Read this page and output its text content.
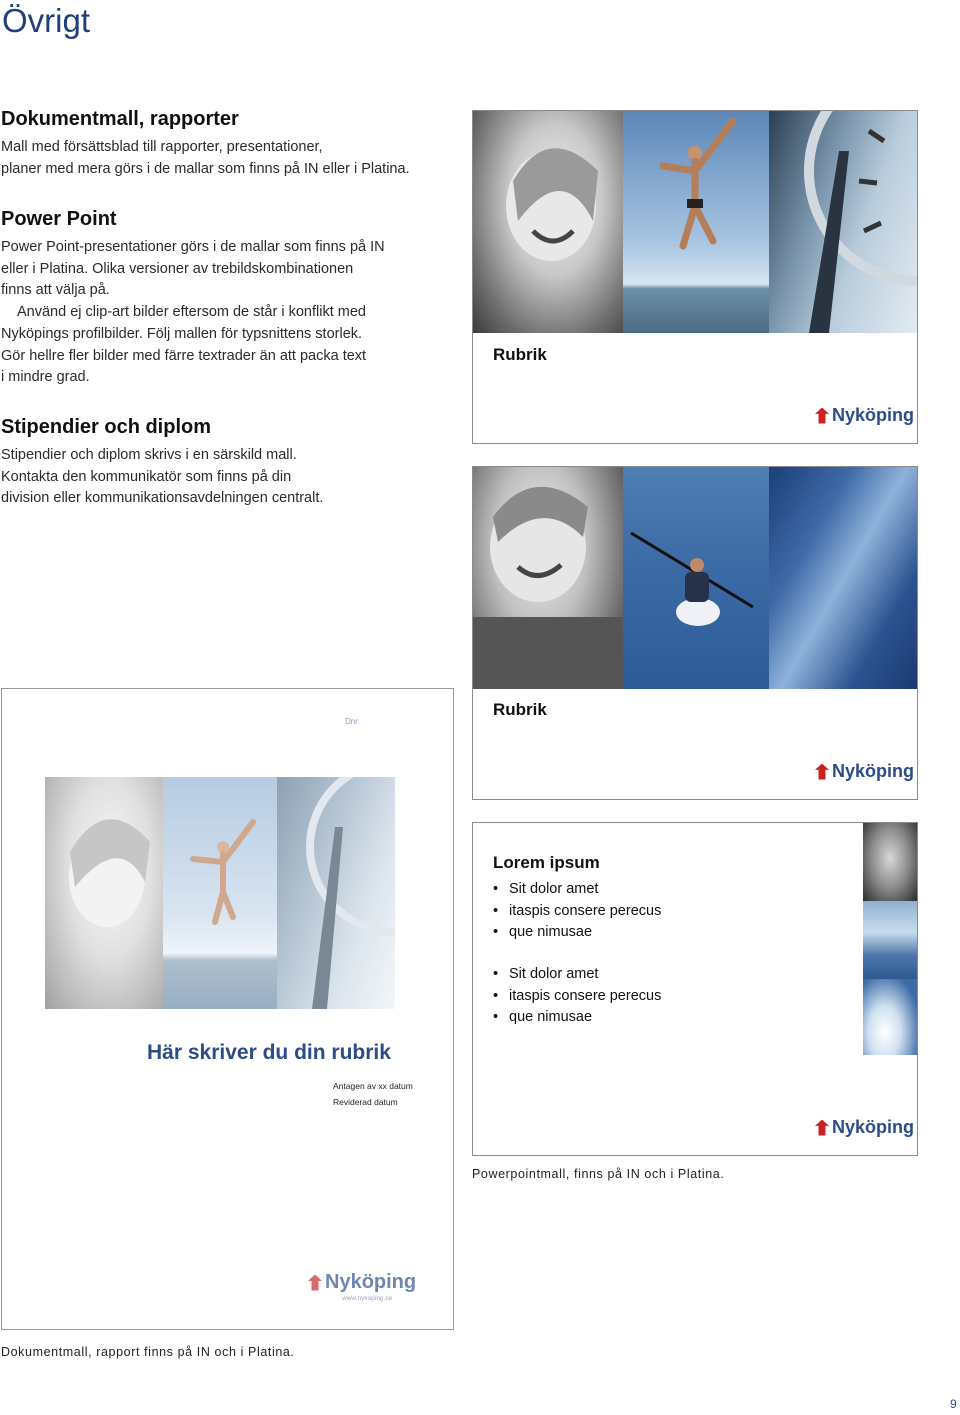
Övrigt
Dokumentmall, rapporter

Mall med försättsblad till rapporter, presentationer,

planer med mera görs i de mallar som finns på IN eller i Platina.

Power Point

Power Point-presentationer görs i de mallar som finns på IN

eller i Platina. Olika versioner av trebildskombinationen

finns att välja på.

Använd ej clip-art bilder eftersom de står i konflikt med

Nyköpings profilbilder. Följ mallen för typsnittens storlek.

Gör hellre fler bilder med färre textrader än att packa text

i mindre grad.

Stipendier och diplom

Stipendier och diplom skrivs i en särskild mall.

Kontakta den kommunikatör som finns på din

division eller kommunikationsavdelningen centralt.

Rubrik
Nyköping
Rubrik
Nyköping
Lorem ipsum
• Sit dolor amet
• itaspis consere perecus
• que nimusae
• Sit dolor amet
• itaspis consere perecus
• que nimusae
Nyköping
Powerpointmall, finns på IN och i Platina.
Dnr
Här skriver du din rubrik
Antagen av xx datum
Reviderad datum
Nyköping
www.nykoping.se
Dokumentmall, rapport finns på IN och i Platina.
9
